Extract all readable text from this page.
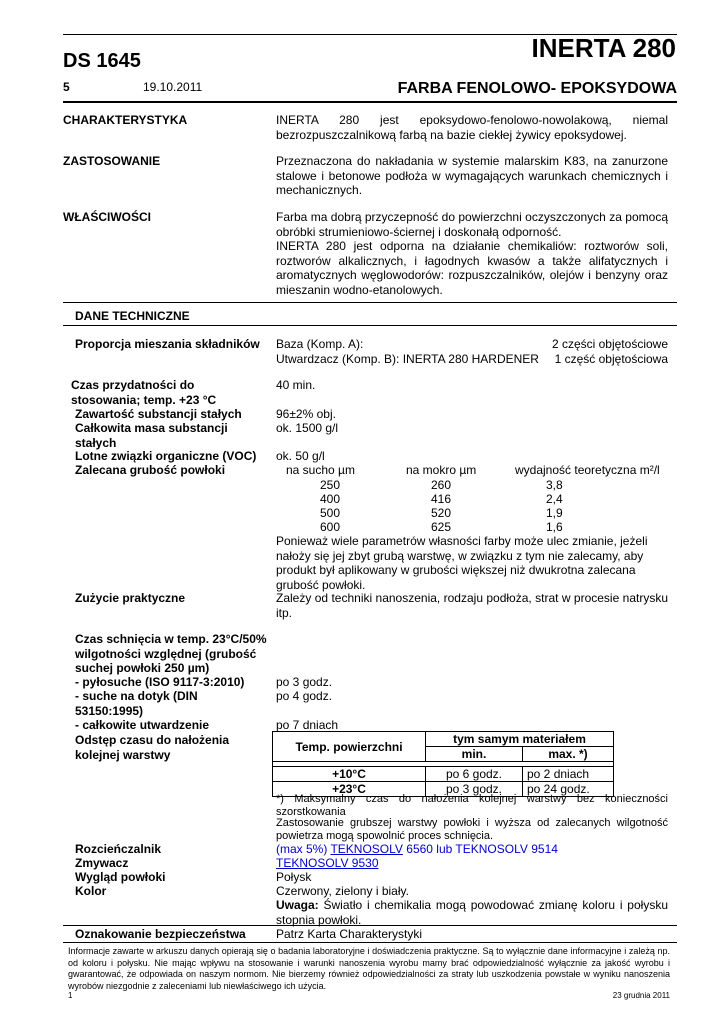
DS 1645	INERTA 280
5	19.10.2011	FARBA FENOLOWO- EPOKSYDOWA
CHARAKTERYSTYKA	INERTA 280 jest epoksydowo-fenolowo-nowolakową, niemal bezrozpuszczalnikową farbą na bazie ciekłej żywicy epoksydowej.
ZASTOSOWANIE	Przeznaczona do nakładania w systemie malarskim K83, na zanurzone stalowe i betonowe podłoża w wymagających warunkach chemicznych i mechanicznych.
WŁAŚCIWOŚCI	Farba ma dobrą przyczepność do powierzchni oczyszczonych za pomocą obróbki strumieniowo-ściernej i doskonałą odporność.
INERTA 280 jest odporna na działanie chemikaliów: roztworów soli, roztworów alkalicznych, i łagodnych kwasów a także alifatycznych i aromatycznych węglowodorów: rozpuszczalników, olejów i benzyny oraz mieszanin wodno-etanolowych.
DANE TECHNICZNE
Proporcja mieszania składników Baza (Komp. A):	2 części objętościowe
Utwardzacz (Komp. B): INERTA 280 HARDENER 1 część objętościowa
Czas przydatności do
stosowania; temp. +23 °C
40 min.
Zawartość substancji stałych	96±2% obj.
Całkowita masa substancji stałych
ok. 1500 g/l
Lotne związki organiczne (VOC) ok. 50 g/l
Zalecana grubość powłoki	na sucho µm	na mokro µm	wydajność teoretyczna m²/l
250	260	3,8
400	416	2,4
500	520	1,9
600	625	1,6
Ponieważ wiele parametrów własności farby może ulec zmianie, jeżeli nałoży się jej zbyt grubą warstwę, w związku z tym nie zalecamy, aby produkt był aplikowany w grubości większej niż dwukrotna zalecana grubość powłoki.
Zużycie praktyczne	Zależy od techniki nanoszenia, rodzaju podłoża, strat w procesie natrysku itp.
Czas schnięcia w temp. 23°C/50% wilgotności względnej (grubość suchej powłoki 250 µm)
- pyłosuche (ISO 9117-3:2010)	po 3 godz.
- suche na dotyk (DIN 53150:1995)
po 4 godz.
- całkowite utwardzenie	po 7 dniach
Odstęp czasu do nałożenia kolejnej warstwy
Temp. powierzchni	tym samym materiałem	
	min.	max. *)

+10°C	po 6 godz.	po 2 dniach
+23°C	po 3 godz.	po 24 godz.
*) Maksymalny czas do nałożenia kolejnej warstwy bez konieczności szorstkowania
Zastosowanie grubszej warstwy powłoki i wyższa od zalecanych wilgotność powietrza mogą spowolnić proces schnięcia.
Rozcieńczalnik	(max 5%) TEKNOSOLV 6560 lub TEKNOSOLV 9514
Zmywacz	TEKNOSOLV 9530
Wygląd powłoki	Połysk
Kolor	Czerwony, zielony i biały.
Uwaga: Światło i chemikalia mogą powodować zmianę koloru i połysku stopnia powłoki.
Oznakowanie bezpieczeństwa	Patrz Karta Charakterystyki
Informacje zawarte w arkuszu danych opierają się o badania laboratoryjne i doświadczenia praktyczne. Są to wyłącznie dane informacyjne i zależą np. od koloru i połysku. Nie mając wpływu na stosowanie i warunki nanoszenia wyrobu mamy brać odpowiedzialność wyłącznie za jakość wyrobu i gwarantować, że odpowiada on naszym normom. Nie bierzemy również odpowiedzialności za straty lub uszkodzenia powstałe w wyniku nanoszenia wyrobów niezgodnie z zaleceniami lub niewłaściwego ich użycia.
1	23 grudnia 2011
